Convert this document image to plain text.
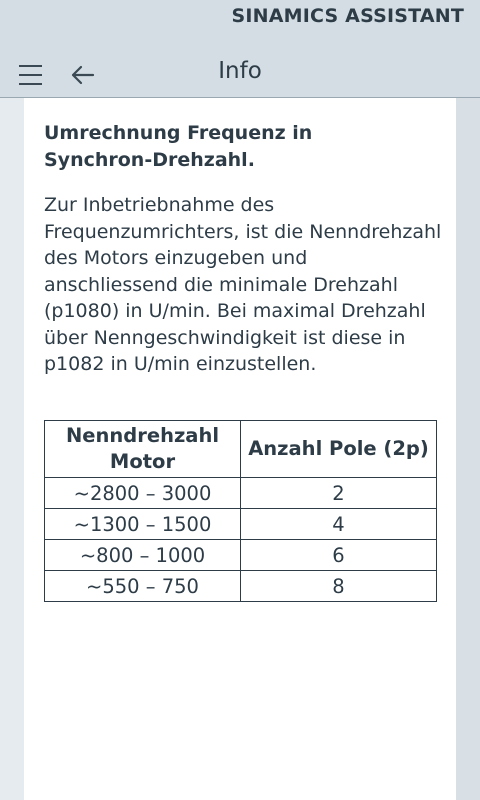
SINAMICS ASSISTANT
Info
Umrechnung Frequenz in Synchron-Drehzahl.
Zur Inbetriebnahme des Frequenzumrichters, ist die Nenndrehzahl des Motors einzugeben und anschliessend die minimale Drehzahl (p1080) in U/min. Bei maximal Drehzahl über Nenngeschwindigkeit ist diese in p1082 in U/min einzustellen.
Nenndrehzahl Motor	Anzahl Pole (2p)
~2800 – 3000	2
~1300 – 1500	4
~800 – 1000	6
~550 – 750	8
